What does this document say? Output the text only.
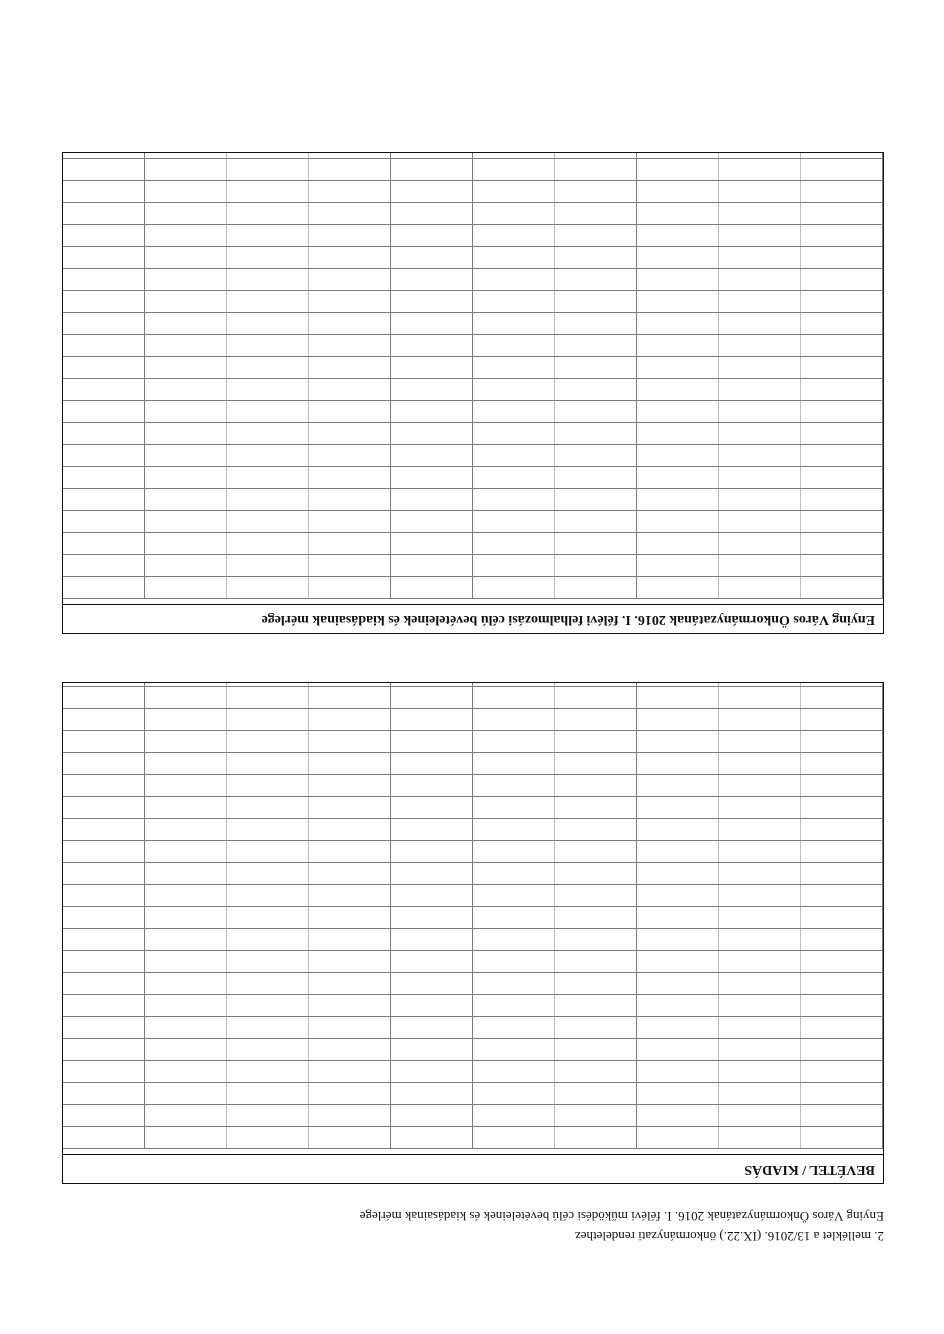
2. melléklet a 13/2016. (IX.22.) önkormányzati rendelethez
Enying Város Önkormányzatának 2016. I. félévi működési célú bevételeinek és kiadásainak mérlege
BEVÉTEL / KIADÁS
Enying Város Önkormányzatának 2016. I. félévi felhalmozási célú bevételeinek és kiadásainak mérlege
